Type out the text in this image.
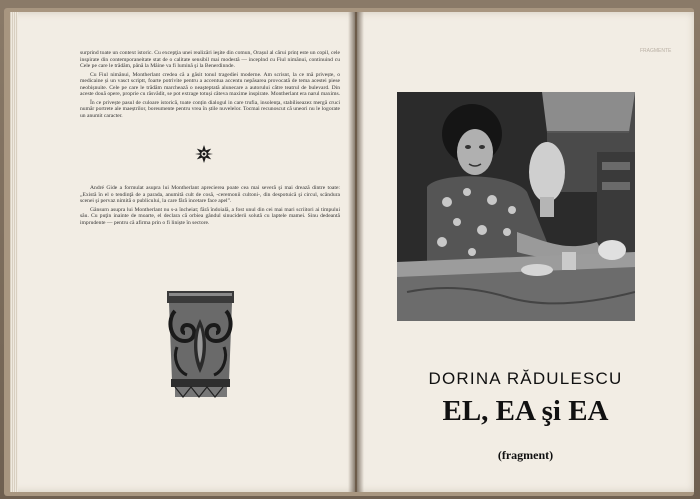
surprind toate un context istoric. Cu excepţia unei realizări ieşite din comun, Orașul al cărui prinț este un copil, cele inspirate din contemporaneitate stat de o calitate sensibil mai modestă — inceplnd cu Fiul nimănui, continuind cu Cele pe care le trădăm, până la Mâine va fi lumină şi la Benerdinnde.

Cu Fiul nimănui, Montherlant credea că a găsit tonul tragediei moderne. Am scrisnt, la ce mă privește, o medicaine și un vasct scriptt, foarte potrivite pentru a accentua accentu nepăsarea provocată de tema acestei piese neobișnuite. Cele pe care le trădăm marchează o neaşteptată alunecare a autorului către teatrul de bulevard. Din aceste două opere, proprie cu răsvădit, se pot extrage totuși câteva maxime inspirate. Montherlant era narul maxims.

În ce privește pasul de culoare istorică, toate conțin dialogul in care trufia, insolența, stabiliseazez mergă cruci număr portrete ale maeștrilor, boreumente pentru vrea în știle nuvelelor. Tocmai recunoscut că uneori nu le logorate un anumit caracter.

André Gide a formulat asupra lui Montherlant aprecierea poate cea mai severă şi mai drează dintre toate: „Există în el o tendinţă de a parada, anumită cult de cosă, -ceremonii cultoni-, din despotuică şi circul, scândura scenei şi pervaz nimită o publicului, la care fără incetare face apel”.

Gânsurn asupra lui Montherlant nu s-a încheiat; fără îndoială, a fost unul din cei mai mari scriitori ai timpului său. Cu puţin inainte de moarte, el declara că orbiea gândul sinuciderii solută cu laptele mamei. Sinu dedeantă imprudente — pentru că afirma prin o fi liniște în sectore.

FRAGMENTE
DORINA RĂDULESCU
EL, EA şi EA
(fragment)
